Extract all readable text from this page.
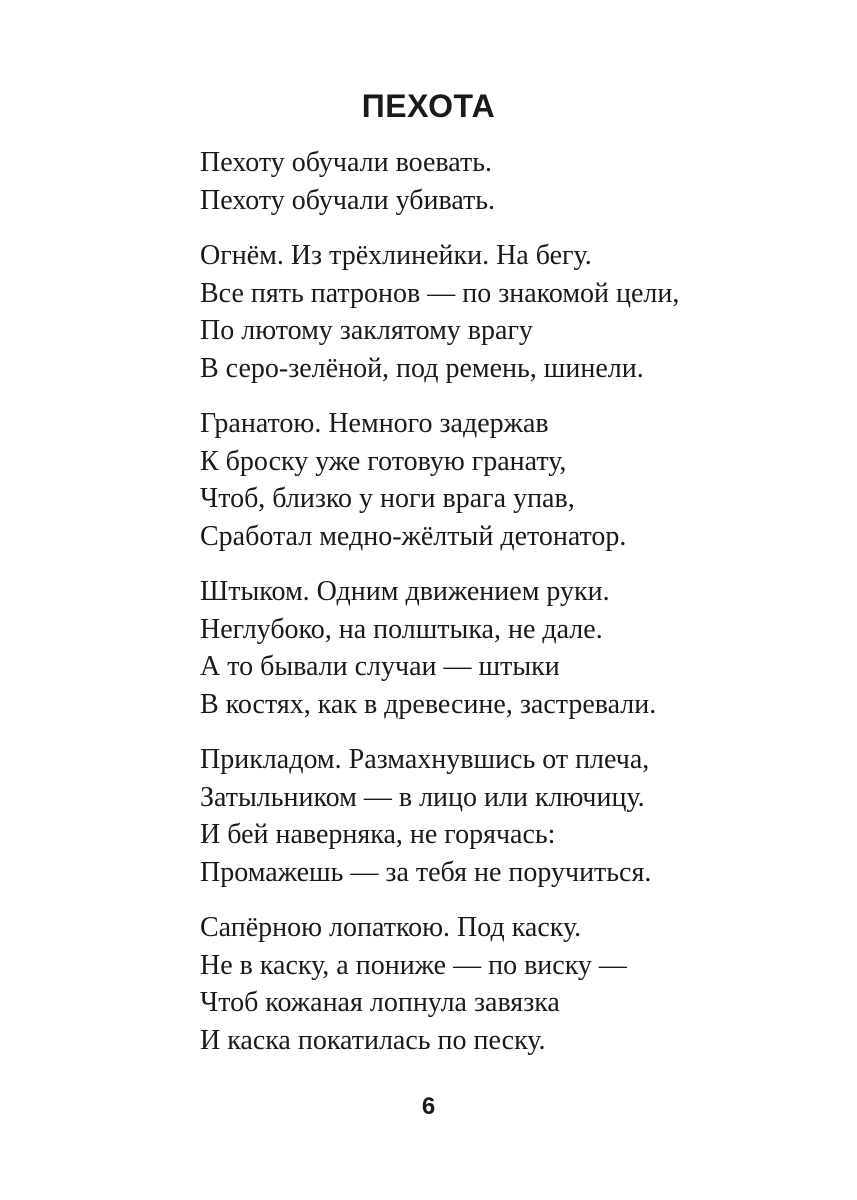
ПЕХОТА
Пехоту обучали воевать.
Пехоту обучали убивать.
Огнём. Из трёхлинейки. На бегу.
Все пять патронов — по знакомой цели,
По лютому заклятому врагу
В серо-зелёной, под ремень, шинели.
Гранатою. Немного задержав
К броску уже готовую гранату,
Чтоб, близко у ноги врага упав,
Сработал медно-жёлтый детонатор.
Штыком. Одним движением руки.
Неглубоко, на полштыка, не дале.
А то бывали случаи — штыки
В костях, как в древесине, застревали.
Прикладом. Размахнувшись от плеча,
Затыльником — в лицо или ключицу.
И бей наверняка, не горячась:
Промажешь — за тебя не поручиться.
Сапёрною лопаткою. Под каску.
Не в каску, а пониже — по виску —
Чтоб кожаная лопнула завязка
И каска покатилась по песку.
6
